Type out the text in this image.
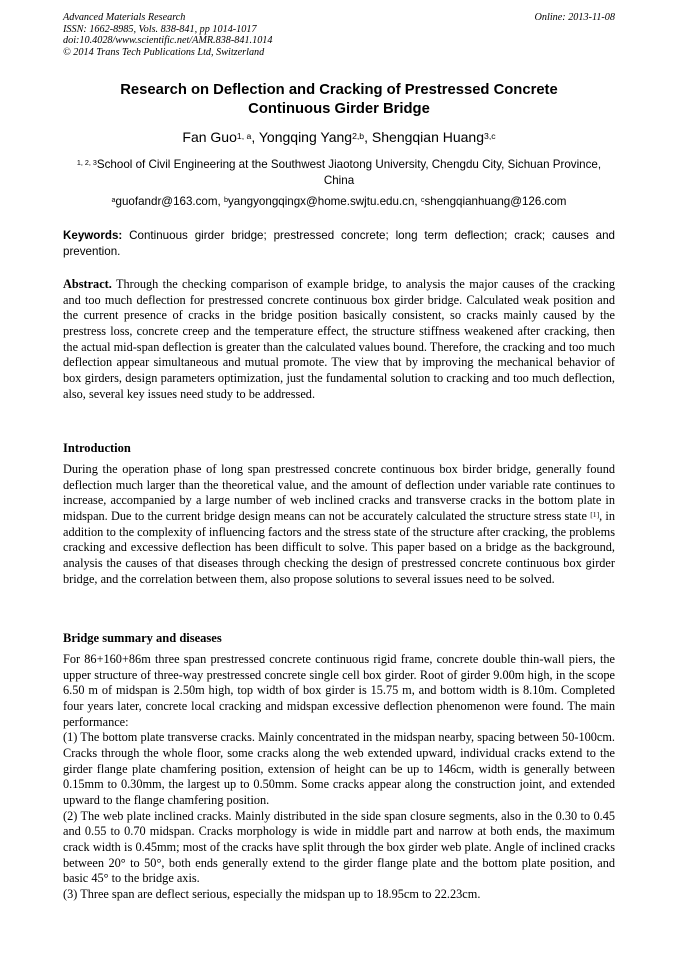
Advanced Materials Research
ISSN: 1662-8985, Vols. 838-841, pp 1014-1017
doi:10.4028/www.scientific.net/AMR.838-841.1014
© 2014 Trans Tech Publications Ltd, Switzerland
Online: 2013-11-08
Research on Deflection and Cracking of Prestressed Concrete
Continuous Girder Bridge
Fan Guo$^{1, a}$, Yongqing Yang$^{2,b}$, Shengqian Huang$^{3,c}$
$^{1, 2, 3}$School of Civil Engineering at the Southwest Jiaotong University, Chengdu City, Sichuan Province, China
$^a$guofandr@163.com, $^b$yangyongqingx@home.swjtu.edu.cn, $^c$shengqianhuang@126.com
Keywords: Continuous girder bridge; prestressed concrete; long term deflection; crack; causes and prevention.
Abstract. Through the checking comparison of example bridge, to analysis the major causes of the cracking and too much deflection for prestressed concrete continuous box girder bridge. Calculated weak position and the current presence of cracks in the bridge position basically consistent, so cracks mainly caused by the prestress loss, concrete creep and the temperature effect, the structure stiffness weakened after cracking, then the actual mid-span deflection is greater than the calculated values bound. Therefore, the cracking and too much deflection appear simultaneous and mutual promote. The view that by improving the mechanical behavior of box girders, design parameters optimization, just the fundamental solution to cracking and too much deflection, also, several key issues need study to be addressed.
Introduction
During the operation phase of long span prestressed concrete continuous box birder bridge, generally found deflection much larger than the theoretical value, and the amount of deflection under variable rate continues to increase, accompanied by a large number of web inclined cracks and transverse cracks in the bottom plate in midspan. Due to the current bridge design means can not be accurately calculated the structure stress state [1], in addition to the complexity of influencing factors and the stress state of the structure after cracking, the problems cracking and excessive deflection has been difficult to solve. This paper based on a bridge as the background, analysis the causes of that diseases through checking the design of prestressed concrete continuous box girder bridge, and the correlation between them, also propose solutions to several issues need to be solved.
Bridge summary and diseases

For 86+160+86m three span prestressed concrete continuous rigid frame, concrete double thin-wall piers, the upper structure of three-way prestressed concrete single cell box girder. Root of girder 9.00m high, in the scope 6.50 m of midspan is 2.50m high, top width of box girder is 15.75 m, and bottom width is 8.10m. Completed four years later, concrete local cracking and midspan excessive deflection phenomenon were found. The main performance:

(1) The bottom plate transverse cracks. Mainly concentrated in the midspan nearby, spacing between 50-100cm. Cracks through the whole floor, some cracks along the web extended upward, individual cracks extend to the girder flange plate chamfering position, extension of height can be up to 146cm, width is generally between 0.15mm to 0.30mm, the largest up to 0.50mm. Some cracks appear along the construction joint, and extended upward to the flange chamfering position.

(2) The web plate inclined cracks. Mainly distributed in the side span closure segments, also in the 0.30 to 0.45 and 0.55 to 0.70 midspan. Cracks morphology is wide in middle part and narrow at both ends, the maximum crack width is 0.45mm; most of the cracks have split through the box girder web plate. Angle of inclined cracks between 20° to 50°, both ends generally extend to the girder flange plate and the bottom plate position, and basic 45° to the bridge axis.

(3) Three span are deflect serious, especially the midspan up to 18.95cm to 22.23cm.
